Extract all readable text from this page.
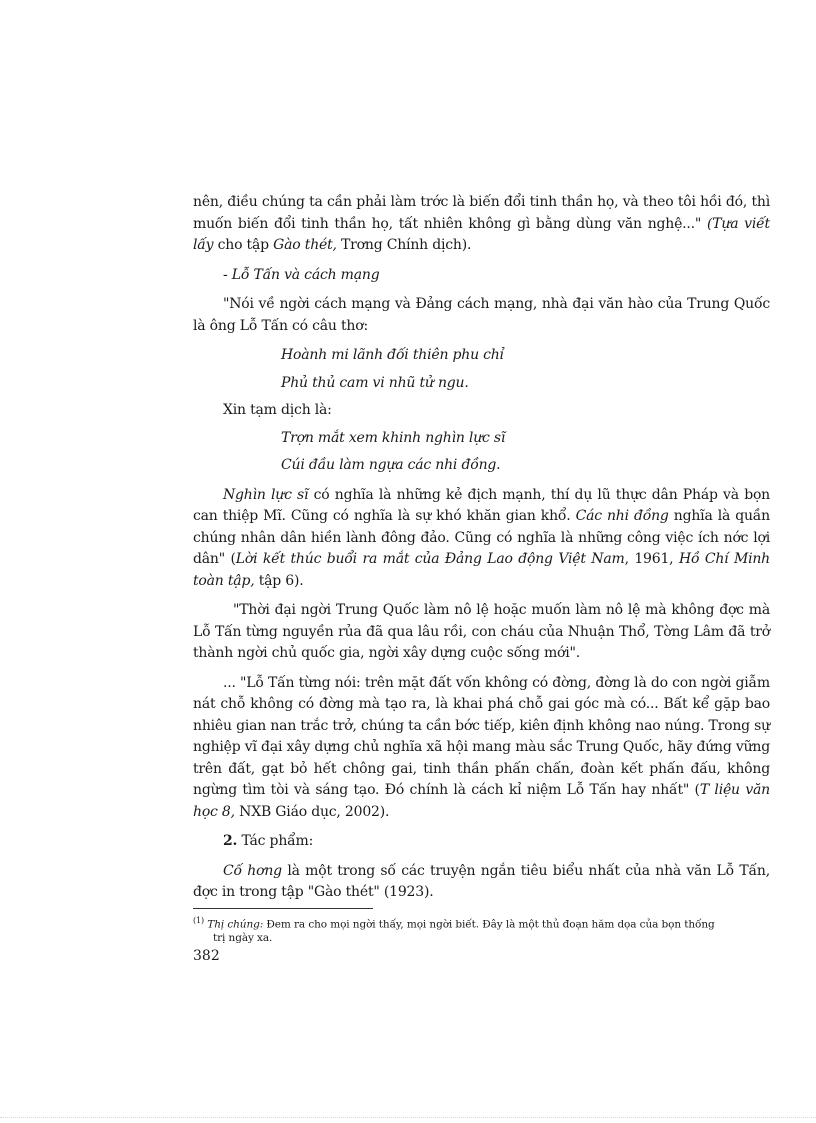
nên, điều chúng ta cần phải làm trớc là biến đổi tinh thần họ, và theo tôi hồi đó, thì muốn biến đổi tinh thần họ, tất nhiên không gì bằng dùng văn nghệ..." (Tựa viết lấy cho tập Gào thét, Trơng Chính dịch).

- Lỗ Tấn và cách mạng

"Nói về ngời cách mạng và Đảng cách mạng, nhà đại văn hào của Trung Quốc là ông Lỗ Tấn có câu thơ:

Hoành mi lãnh đối thiên phu chỉ
Phủ thủ cam vi nhũ tử ngu.
Xin tạm dịch là:
Trợn mắt xem khinh nghìn lực sĩ
Cúi đầu làm ngựa các nhi đồng.

Nghìn lực sĩ có nghĩa là những kẻ địch mạnh, thí dụ lũ thực dân Pháp và bọn can thiệp Mĩ. Cũng có nghĩa là sự khó khăn gian khổ. Các nhi đồng nghĩa là quần chúng nhân dân hiền lành đông đảo. Cũng có nghĩa là những công việc ích nớc lợi dân" (Lời kết thúc buổi ra mắt của Đảng Lao động Việt Nam, 1961, Hồ Chí Minh toàn tập, tập 6).

"Thời đại ngời Trung Quốc làm nô lệ hoặc muốn làm nô lệ mà không đợc mà Lỗ Tấn từng nguyền rủa đã qua lâu rồi, con cháu của Nhuận Thổ, Tờng Lâm đã trở thành ngời chủ quốc gia, ngời xây dựng cuộc sống mới".

... "Lỗ Tấn từng nói: trên mặt đất vốn không có đờng, đờng là do con ngời giẫm nát chỗ không có đờng mà tạo ra, là khai phá chỗ gai góc mà có... Bất kể gặp bao nhiêu gian nan trắc trở, chúng ta cần bớc tiếp, kiên định không nao núng. Trong sự nghiệp vĩ đại xây dựng chủ nghĩa xã hội mang màu sắc Trung Quốc, hãy đứng vững trên đất, gạt bỏ hết chông gai, tinh thần phấn chấn, đoàn kết phấn đấu, không ngừng tìm tòi và sáng tạo. Đó chính là cách kỉ niệm Lỗ Tấn hay nhất" (T liệu văn học 8, NXB Giáo dục, 2002).

2. Tác phẩm:

Cố hơng là một trong số các truyện ngắn tiêu biểu nhất của nhà văn Lỗ Tấn, đợc in trong tập "Gào thét" (1923).

$^{(1)}$ Thị chúng: Đem ra cho mọi ngời thấy, mọi ngời biết. Đây là một thủ đoạn hăm dọa của bọn thống
trị ngày xa.
382
